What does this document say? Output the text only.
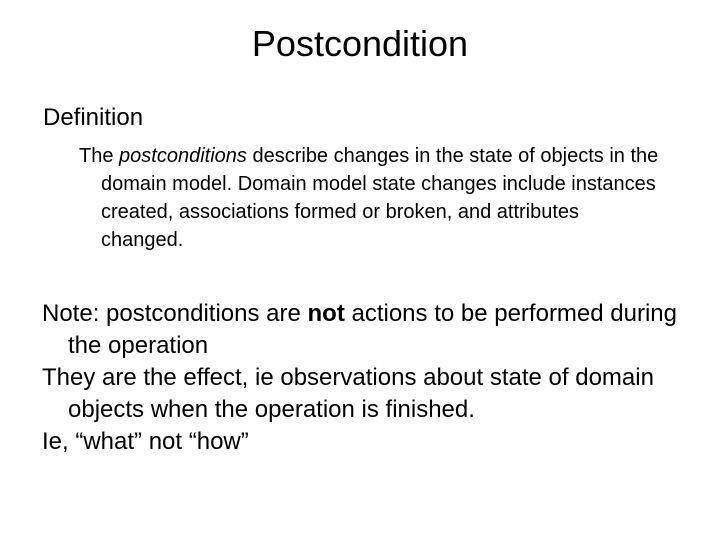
Postcondition
Definition
The postconditions describe changes in the state of objects in the domain model. Domain model state changes include instances created, associations formed or broken, and attributes changed.

Note: postconditions are not actions to be performed during the operation

They are the effect, ie observations about state of domain objects when the operation is finished.

Ie, “what” not “how”
